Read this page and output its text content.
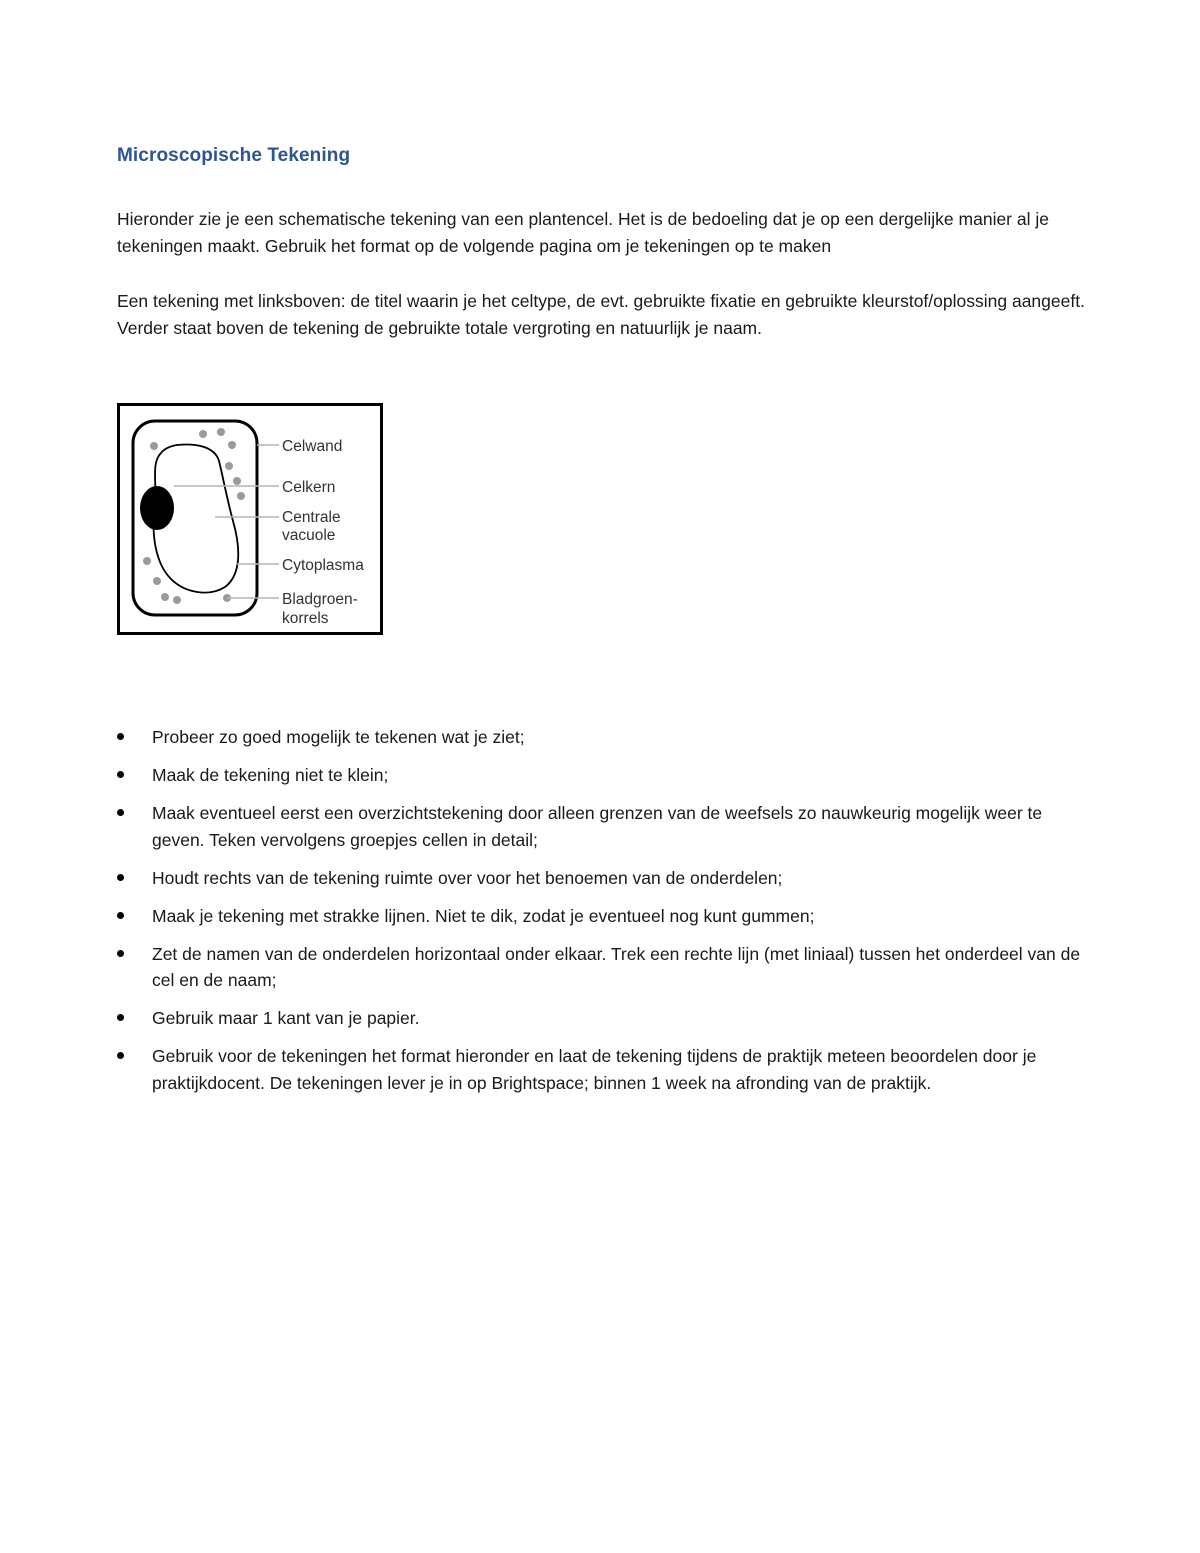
Microscopische Tekening

Hieronder zie je een schematische tekening van een plantencel. Het is de bedoeling dat je op een dergelijke manier al je tekeningen maakt. Gebruik het format op de volgende pagina om je tekeningen op te maken

Een tekening met linksboven: de titel waarin je het celtype, de evt. gebruikte fixatie en gebruikte kleurstof/oplossing aangeeft.
Verder staat boven de tekening de gebruikte totale vergroting en natuurlijk je naam.

Celwand
Celkern
Centrale
vacuole
Cytoplasma
Bladgroen-
korrels
Probeer zo goed mogelijk te tekenen wat je ziet;
Maak de tekening niet te klein;
Maak eventueel eerst een overzichtstekening door alleen grenzen van de weefsels zo nauwkeurig mogelijk weer te geven. Teken vervolgens groepjes cellen in detail;
Houdt rechts van de tekening ruimte over voor het benoemen van de onderdelen;
Maak je tekening met strakke lijnen. Niet te dik, zodat je eventueel nog kunt gummen;
Zet de namen van de onderdelen horizontaal onder elkaar. Trek een rechte lijn (met liniaal) tussen het onderdeel van de cel en de naam;
Gebruik maar 1 kant van je papier.
Gebruik voor de tekeningen het format hieronder en laat de tekening tijdens de praktijk meteen beoordelen door je praktijkdocent. De tekeningen lever je in op Brightspace; binnen 1 week na afronding van de praktijk.
